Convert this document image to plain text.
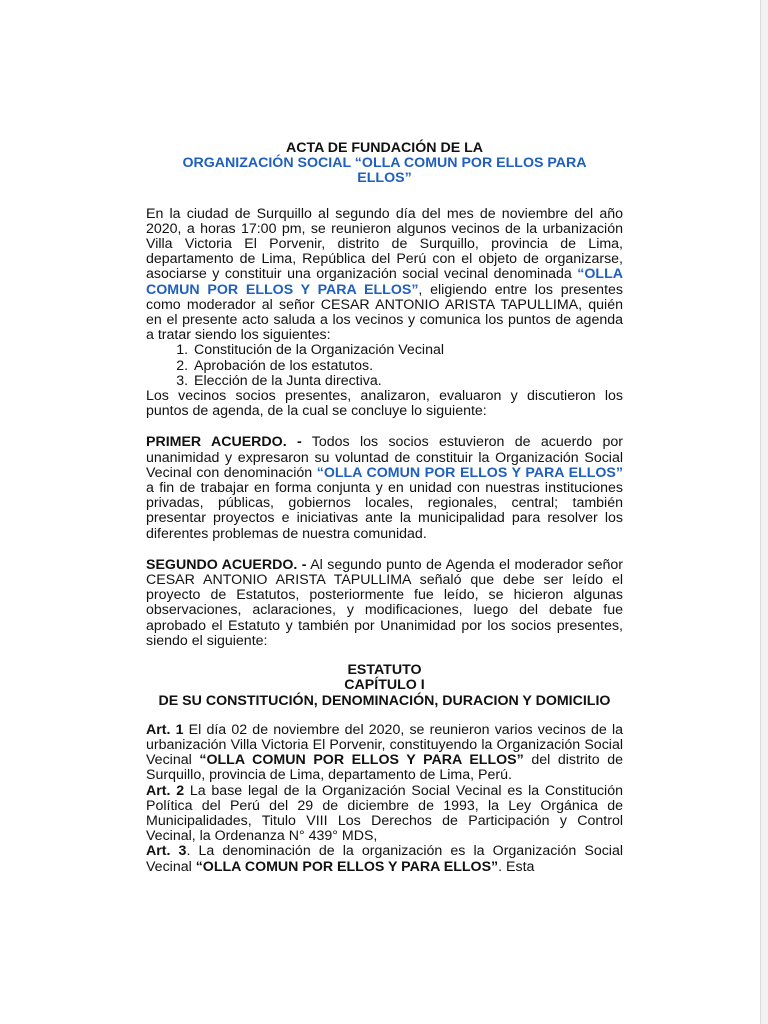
ACTA DE FUNDACIÓN DE LA

ORGANIZACIÓN SOCIAL “OLLA COMUN POR ELLOS PARA

ELLOS”

En la ciudad de Surquillo al segundo día del mes de noviembre del año 2020, a horas 17:00 pm, se reunieron algunos vecinos de la urbanización Villa Victoria El Porvenir, distrito de Surquillo, provincia de Lima, departamento de Lima, República del Perú con el objeto de organizarse, asociarse y constituir una organización social vecinal denominada “OLLA COMUN POR ELLOS Y PARA ELLOS”, eligiendo entre los presentes como moderador al señor CESAR ANTONIO ARISTA TAPULLIMA, quién en el presente acto saluda a los vecinos y comunica los puntos de agenda a tratar siendo los siguientes:

1. Constitución de la Organización Vecinal
2. Aprobación de los estatutos.
3. Elección de la Junta directiva.

Los vecinos socios presentes, analizaron, evaluaron y discutieron los puntos de agenda, de la cual se concluye lo siguiente:

PRIMER ACUERDO. - Todos los socios estuvieron de acuerdo por unanimidad y expresaron su voluntad de constituir la Organización Social Vecinal con denominación “OLLA COMUN POR ELLOS Y PARA ELLOS” a fin de trabajar en forma conjunta y en unidad con nuestras instituciones privadas, públicas, gobiernos locales, regionales, central; también presentar proyectos e iniciativas ante la municipalidad para resolver los diferentes problemas de nuestra comunidad.

SEGUNDO ACUERDO. - Al segundo punto de Agenda el moderador señor CESAR ANTONIO ARISTA TAPULLIMA señaló que debe ser leído el proyecto de Estatutos, posteriormente fue leído, se hicieron algunas observaciones, aclaraciones, y modificaciones, luego del debate fue aprobado el Estatuto y también por Unanimidad por los socios presentes, siendo el siguiente:

ESTATUTO

CAPÍTULO I

DE SU CONSTITUCIÓN, DENOMINACIÓN, DURACION Y DOMICILIO

Art. 1 El día 02 de noviembre del 2020, se reunieron varios vecinos de la urbanización Villa Victoria El Porvenir, constituyendo la Organización Social Vecinal “OLLA COMUN POR ELLOS Y PARA ELLOS” del distrito de Surquillo, provincia de Lima, departamento de Lima, Perú.

Art. 2 La base legal de la Organización Social Vecinal es la Constitución Política del Perú del 29 de diciembre de 1993, la Ley Orgánica de Municipalidades, Titulo VIII Los Derechos de Participación y Control Vecinal, la Ordenanza N° 439° MDS,

Art. 3. La denominación de la organización es la Organización Social Vecinal “OLLA COMUN POR ELLOS Y PARA ELLOS”. Esta
